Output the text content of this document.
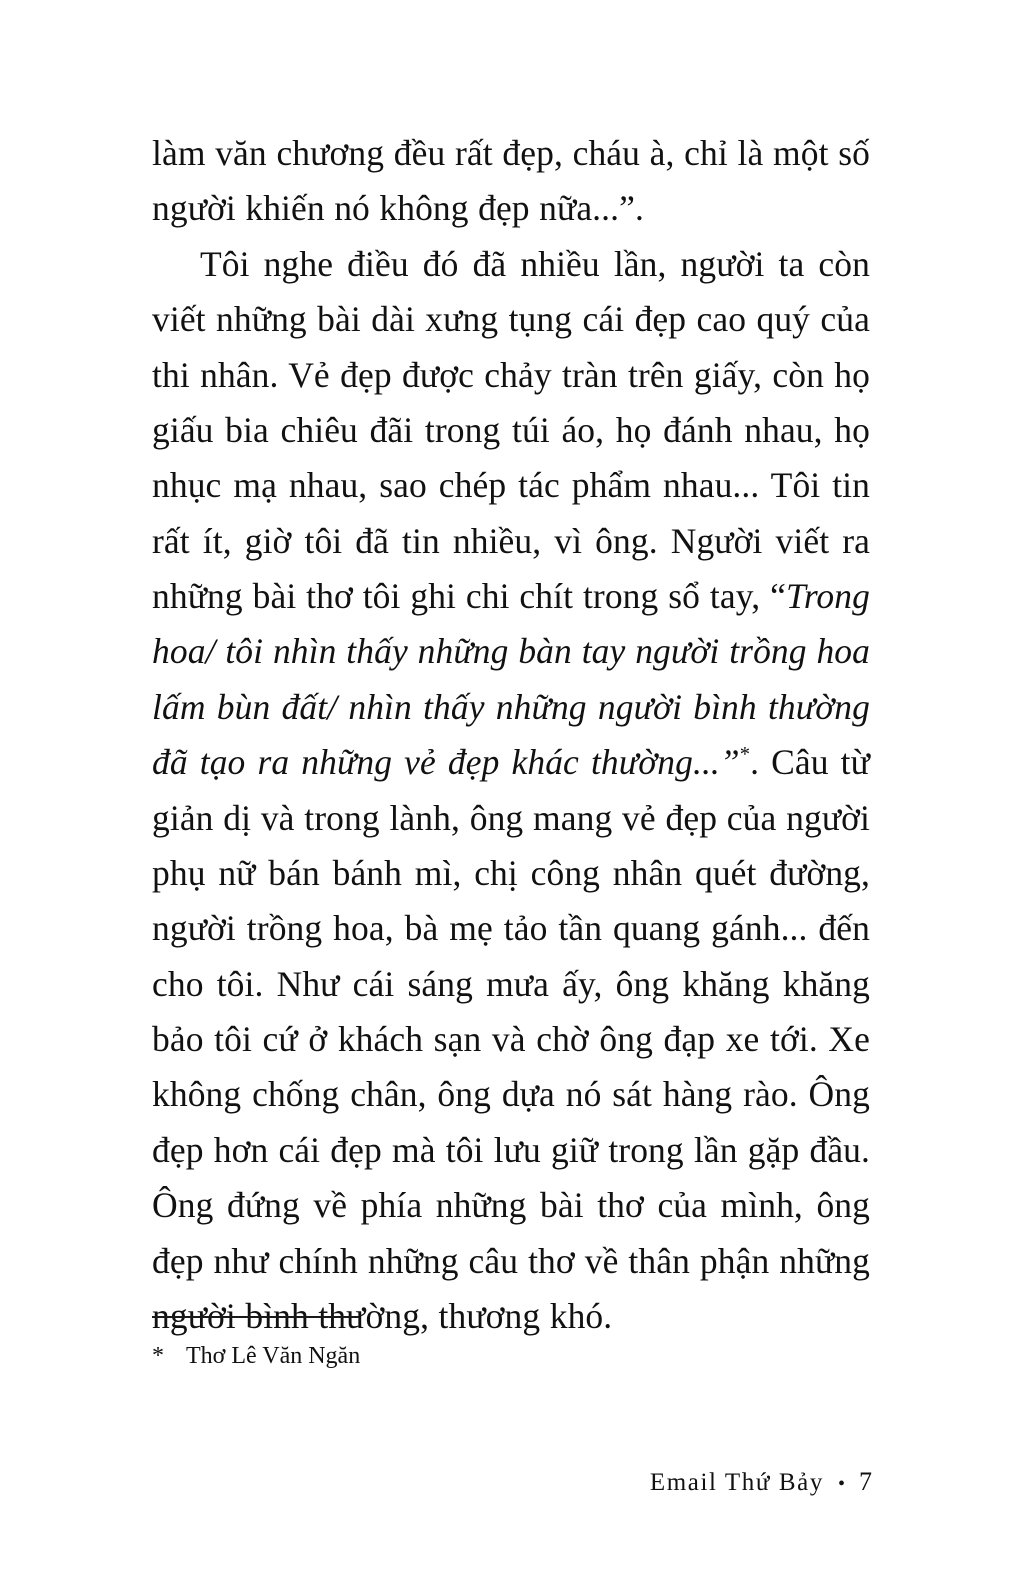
làm văn chương đều rất đẹp, cháu à, chỉ là một số người khiến nó không đẹp nữa...”.

Tôi nghe điều đó đã nhiều lần, người ta còn viết những bài dài xưng tụng cái đẹp cao quý của thi nhân. Vẻ đẹp được chảy tràn trên giấy, còn họ giấu bia chiêu đãi trong túi áo, họ đánh nhau, họ nhục mạ nhau, sao chép tác phẩm nhau... Tôi tin rất ít, giờ tôi đã tin nhiều, vì ông. Người viết ra những bài thơ tôi ghi chi chít trong sổ tay, “Trong hoa/ tôi nhìn thấy những bàn tay người trồng hoa lấm bùn đất/ nhìn thấy những người bình thường đã tạo ra những vẻ đẹp khác thường...”*. Câu từ giản dị và trong lành, ông mang vẻ đẹp của người phụ nữ bán bánh mì, chị công nhân quét đường, người trồng hoa, bà mẹ tảo tần quang gánh... đến cho tôi. Như cái sáng mưa ấy, ông khăng khăng bảo tôi cứ ở khách sạn và chờ ông đạp xe tới. Xe không chống chân, ông dựa nó sát hàng rào. Ông đẹp hơn cái đẹp mà tôi lưu giữ trong lần gặp đầu. Ông đứng về phía những bài thơ của mình, ông đẹp như chính những câu thơ về thân phận những người bình thường, thương khó.

* Thơ Lê Văn Ngăn

Email Thứ Bảy • 7
